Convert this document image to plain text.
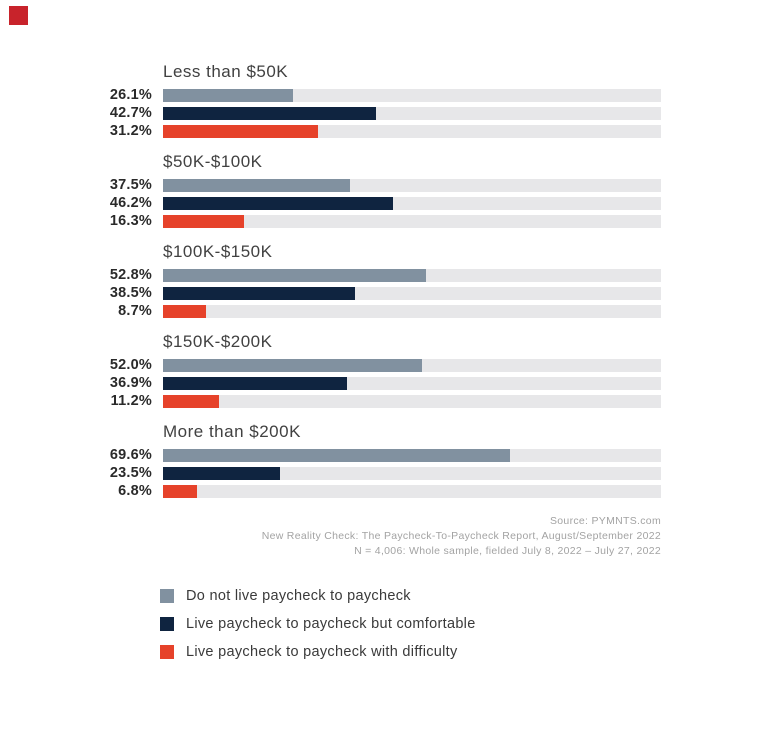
Less than $50K
26.1%
42.7%
31.2%
$50K-$100K
37.5%
46.2%
16.3%
$100K-$150K
52.8%
38.5%
8.7%
$150K-$200K
52.0%
36.9%
11.2%
More than $200K
69.6%
23.5%
6.8%
Source: PYMNTS.com
New Reality Check: The Paycheck-To-Paycheck Report, August/September 2022
N = 4,006: Whole sample, fielded July 8, 2022 – July 27, 2022
Do not live paycheck to paycheck
Live paycheck to paycheck but comfortable
Live paycheck to paycheck with difficulty
